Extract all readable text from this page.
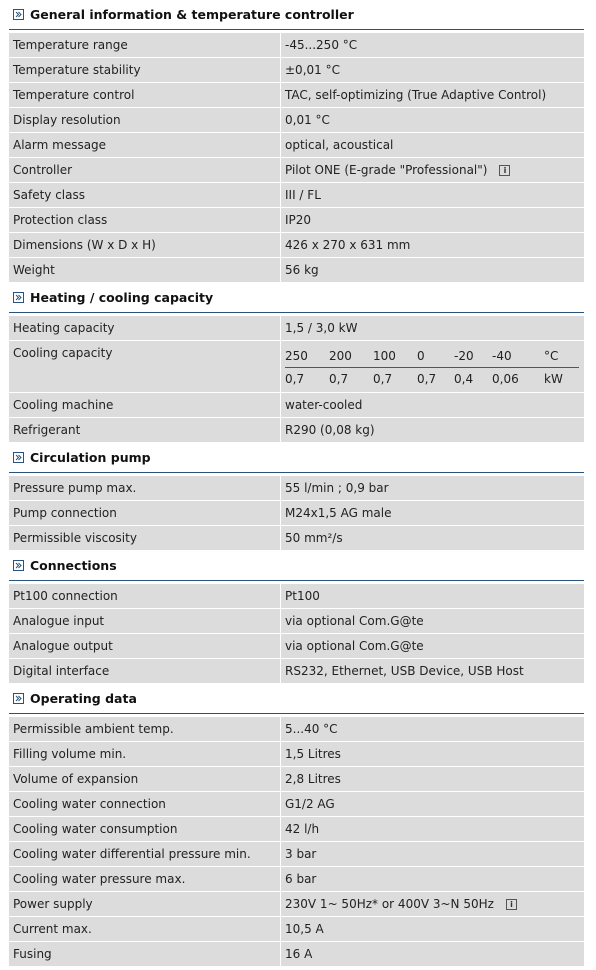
General information & temperature controller
Temperature range	-45...250 °C
Temperature stability	±0,01 °C
Temperature control	TAC, self-optimizing (True Adaptive Control)
Display resolution	0,01 °C
Alarm message	optical, acoustical
Controller	Pilot ONE (E-grade "Professional")	i
Safety class	III / FL
Protection class	IP20
Dimensions (W x D x H)	426 x 270 x 631 mm
Weight	56 kg
Heating / cooling capacity
Heating capacity	1,5 / 3,0 kW
Cooling capacity	250	200	100	0	-20	-40	°C
0,7	0,7	0,7	0,7	0,4	0,06	kW
Cooling machine	water-cooled
Refrigerant	R290 (0,08 kg)
Circulation pump
Pressure pump max.	55 l/min ; 0,9 bar
Pump connection	M24x1,5 AG male
Permissible viscosity	50 mm²/s
Connections
Pt100 connection	Pt100
Analogue input	via optional Com.G@te
Analogue output	via optional Com.G@te
Digital interface	RS232, Ethernet, USB Device, USB Host
Operating data
Permissible ambient temp.	5...40 °C
Filling volume min.	1,5 Litres
Volume of expansion	2,8 Litres
Cooling water connection	G1/2 AG
Cooling water consumption	42 l/h
Cooling water differential pressure min.	3 bar
Cooling water pressure max.	6 bar
Power supply	230V 1~ 50Hz* or 400V 3~N 50Hz	i
Current max.	10,5 A
Fusing	16 A
